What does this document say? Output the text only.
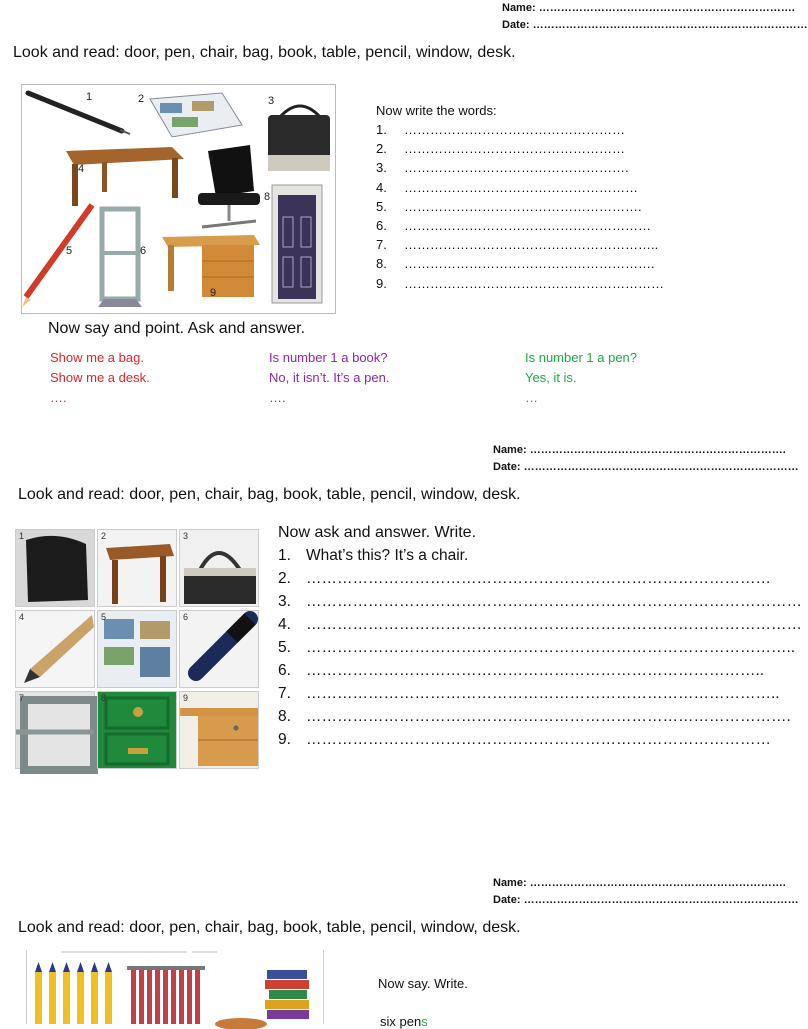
Name: …………………………………………………………….
Date: …………………………………………………………………
Look and read: door, pen, chair, bag, book, table, pencil, window, desk.
1	2	3
4
5	6
7
8
9
Now write the words:
1. ……………………………………………
2. ……………………………………………
3. …………………………………………….
4. ………………………………………………
5. ……………………………………………….
6. …………………………………………………
7. …………………………………………………..
8. ………………………………………………….
9. ……………………………………………………
Now say and point. Ask and answer.
Show me a bag.
Show me a desk.
….
Is number 1 a book?
No, it isn’t. It’s a pen.
….
Is number 1 a pen?
Yes, it is.
…
Name: …………………………………………………………….
Date: …………………………………………………………………
Look and read: door, pen, chair, bag, book, table, pencil, window, desk.
1	2	3
4	5	6
7	8	9
Now ask and answer. Write.
1. What’s this? It’s a chair.
2. ………………………………………………………………………………
3. ……………………………………………………………………………………
4. ……………………………………………………………………………………
5. …………………………………………………………………………………..
6. ……………………………………………………………………………..
7. ………………………………………………………………………………..
8. ………………………………………………………………………………….
9. ………………………………………………………………………………
Name: …………………………………………………………….
Date: …………………………………………………………………
Look and read: door, pen, chair, bag, book, table, pencil, window, desk.
Now say. Write.
six pens
